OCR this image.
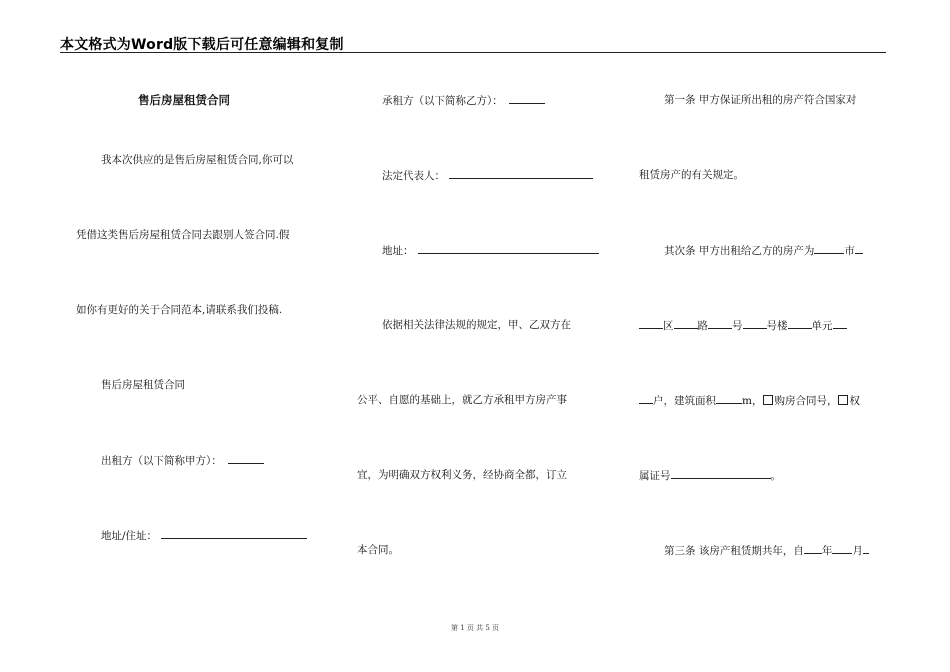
本文格式为Word版下载后可任意编辑和复制
售后房屋租赁合同
我本次供应的是售后房屋租赁合同,你可以
凭借这类售后房屋租赁合同去跟别人签合同.假
如你有更好的关于合同范本,请联系我们投稿.
售后房屋租赁合同
出租方（以下简称甲方）：
地址/住址：
承租方（以下简称乙方）：
法定代表人：
地址：
依据相关法律法规的规定，甲、乙双方在
公平、自愿的基础上，就乙方承租甲方房产事
宜，为明确双方权利义务，经协商全都，订立
本合同。
第一条 甲方保证所出租的房产符合国家对
租赁房产的有关规定。
其次条 甲方出租给乙方的房产为	市
区 路 号 号楼 单元
户，建筑面积 m， 购房合同号， 权
属证号	。
第三条 该房产租赁期共年，自 年 月
第 1 页 共 5 页
